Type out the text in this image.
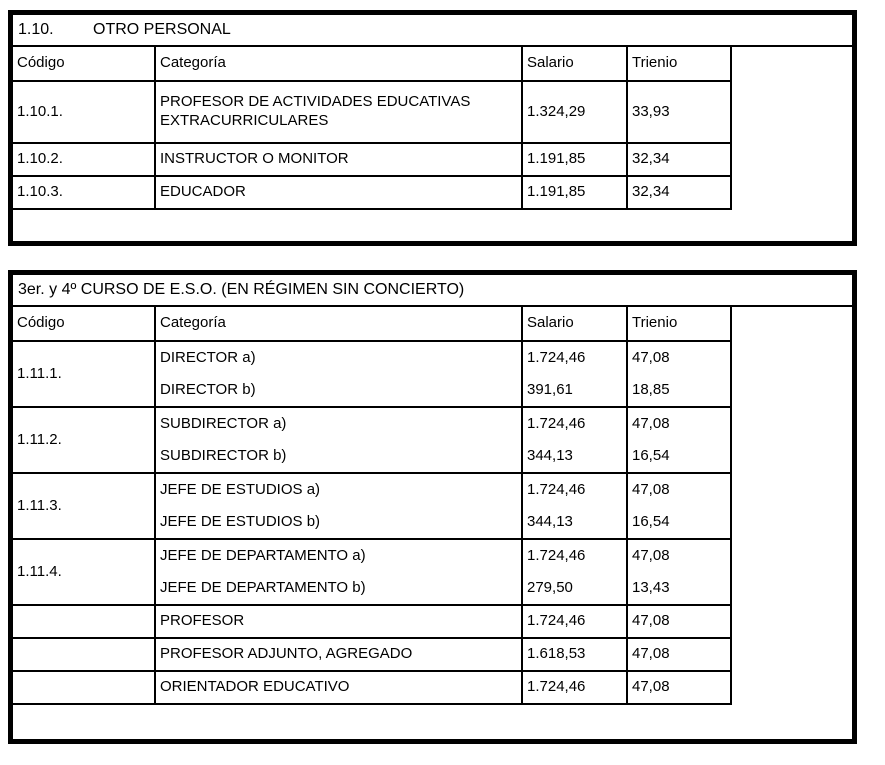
1.10.	OTRO PERSONAL
Código	Categoría	Salario	Trienio
1.10.1.	PROFESOR DE ACTIVIDADES EDUCATIVAS EXTRACURRICULARES	1.324,29	33,93
1.10.2.	INSTRUCTOR O MONITOR	1.191,85	32,34
1.10.3.	EDUCADOR	1.191,85	32,34
3er. y 4º CURSO DE E.S.O. (EN RÉGIMEN SIN CONCIERTO)
Código	Categoría	Salario	Trienio
1.11.1.	DIRECTOR a)	1.724,46	47,08
	DIRECTOR b)	391,61	18,85
1.11.2.	SUBDIRECTOR a)	1.724,46	47,08
	SUBDIRECTOR b)	344,13	16,54
1.11.3.	JEFE DE ESTUDIOS a)	1.724,46	47,08
	JEFE DE ESTUDIOS b)	344,13	16,54
1.11.4.	JEFE DE DEPARTAMENTO a)	1.724,46	47,08
	JEFE DE DEPARTAMENTO b)	279,50	13,43
	PROFESOR	1.724,46	47,08
	PROFESOR ADJUNTO, AGREGADO	1.618,53	47,08
	ORIENTADOR EDUCATIVO	1.724,46	47,08
